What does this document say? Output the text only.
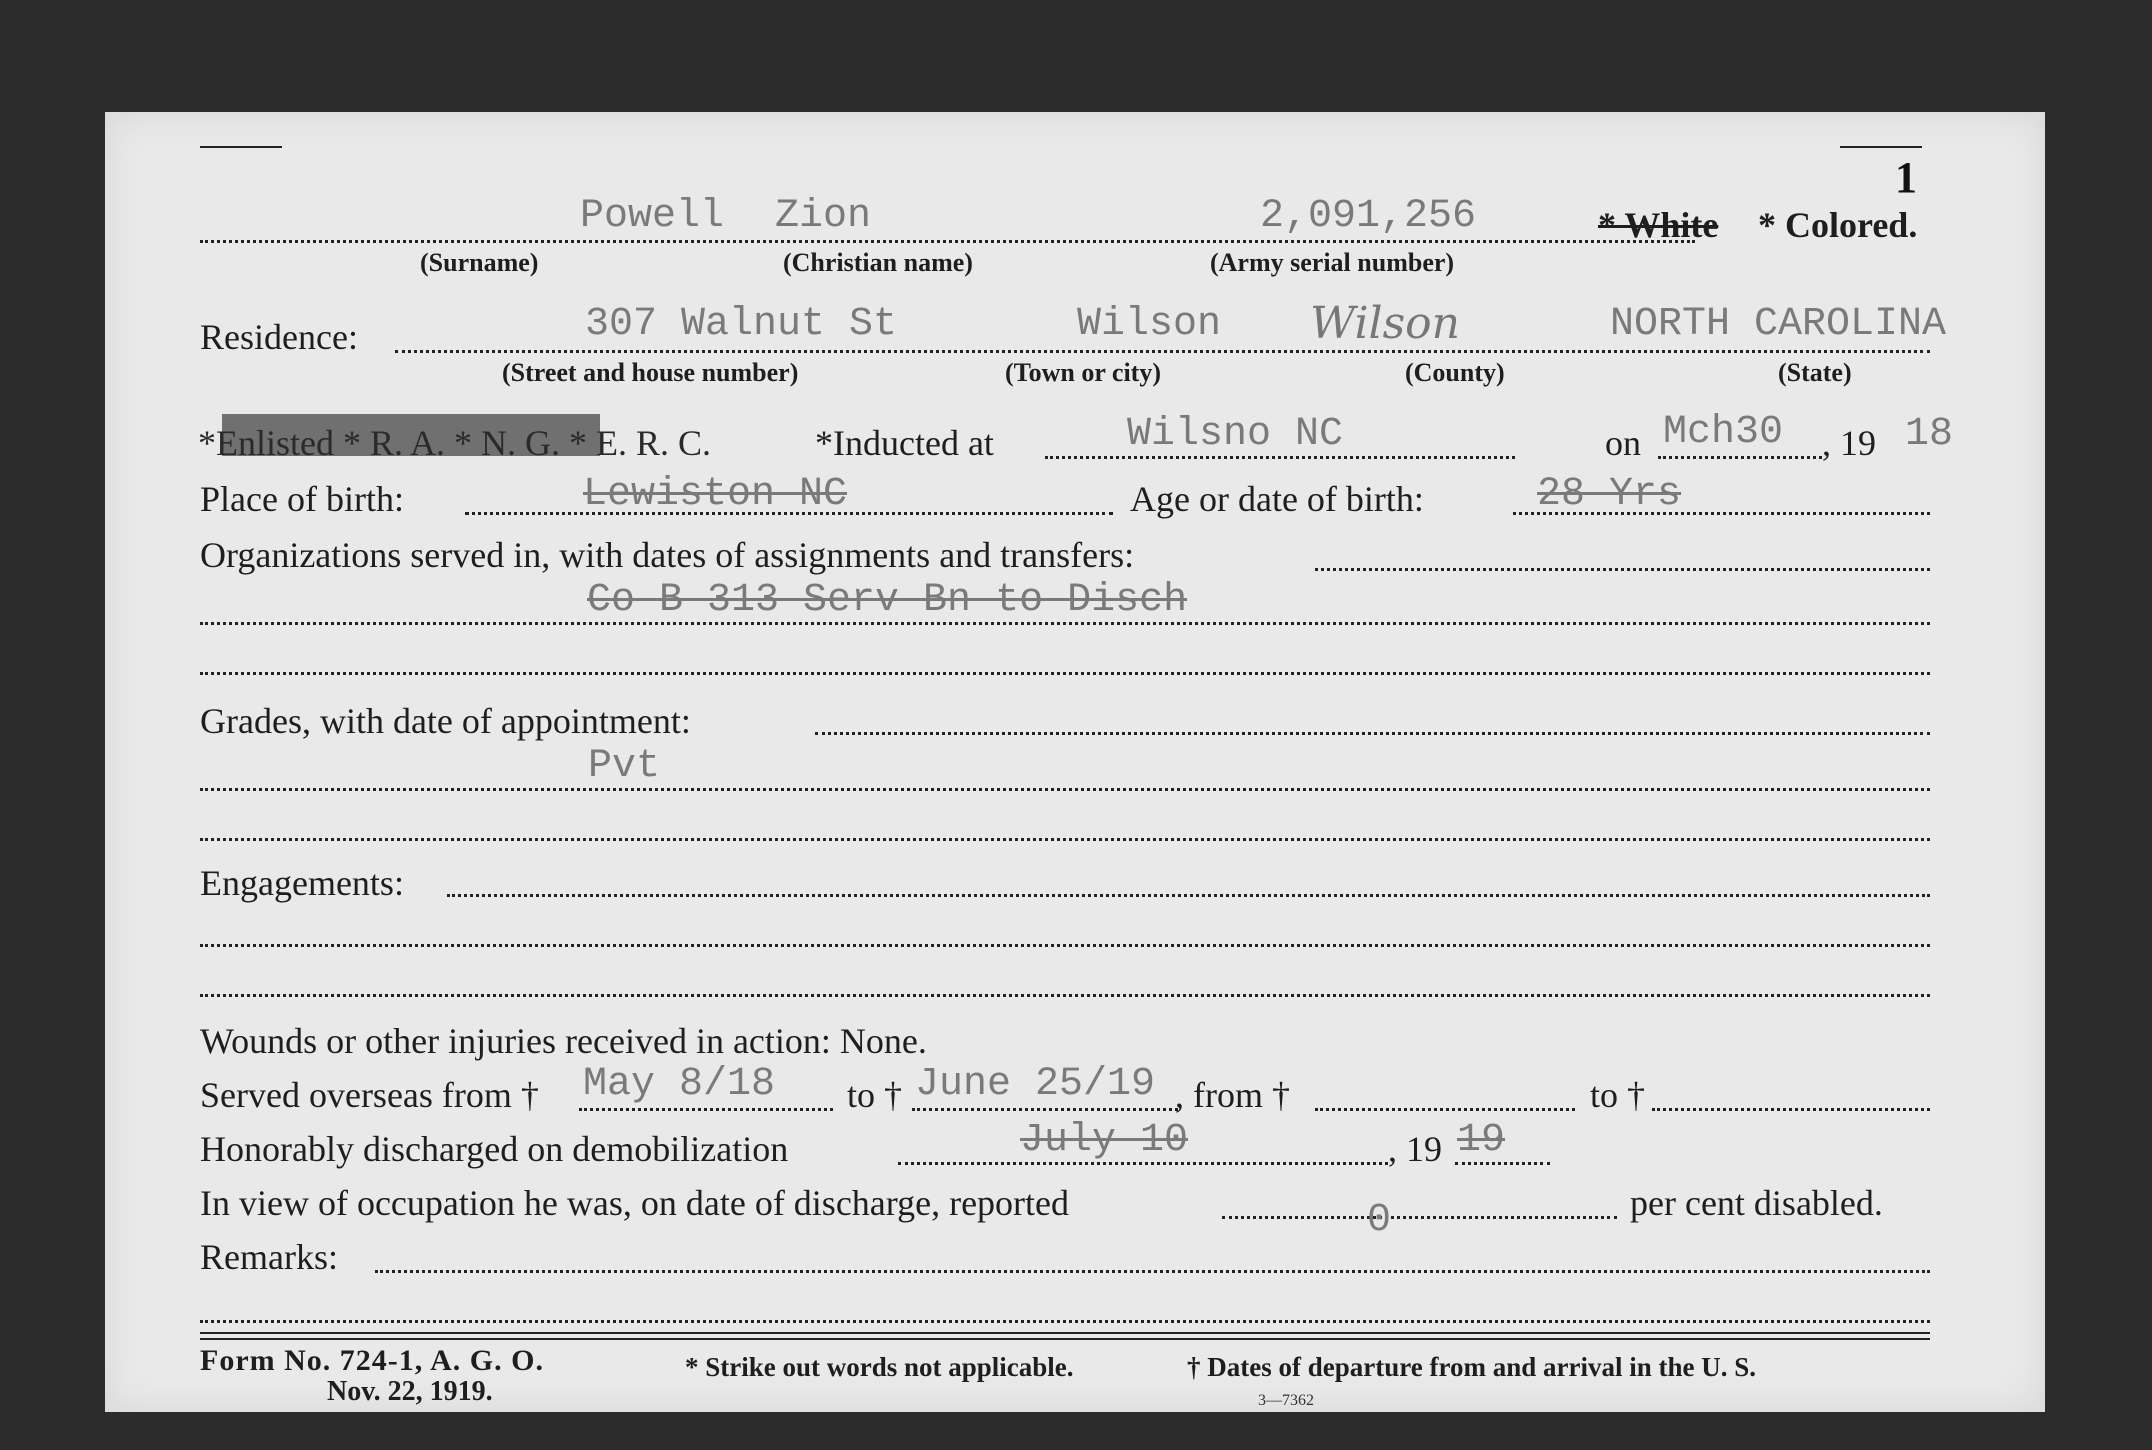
1
Powell Zion	2,091,256	* White * Colored.
(Surname)	(Christian name)	(Army serial number)
Residence:	307 Walnut St	Wilson Wilson	NORTH CAROLINA
(Street and house number)	(Town or city)	(County)	(State)
*Enlisted * R. A. * N. G. * E. R. C.	*Inducted at	Wilsno NC	on Mch30 , 19 18
Place of birth:	Lewiston NC	Age or date of birth:	28 Yrs
Organizations served in, with dates of assignments and transfers:
Co B 313 Serv Bn to Disch
Grades, with date of appointment:
Pvt
Engagements:
Wounds or other injuries received in action: None.
Served overseas from † May 8/18 to † June 25/19 , from †	to †
Honorably discharged on demobilization	July 10	, 19 19
In view of occupation he was, on date of discharge, reported	0	per cent disabled.
Remarks:
Form No. 724-1, A. G. O.
Nov. 22, 1919.
* Strike out words not applicable.	† Dates of departure from and arrival in the U. S.
3—7362
